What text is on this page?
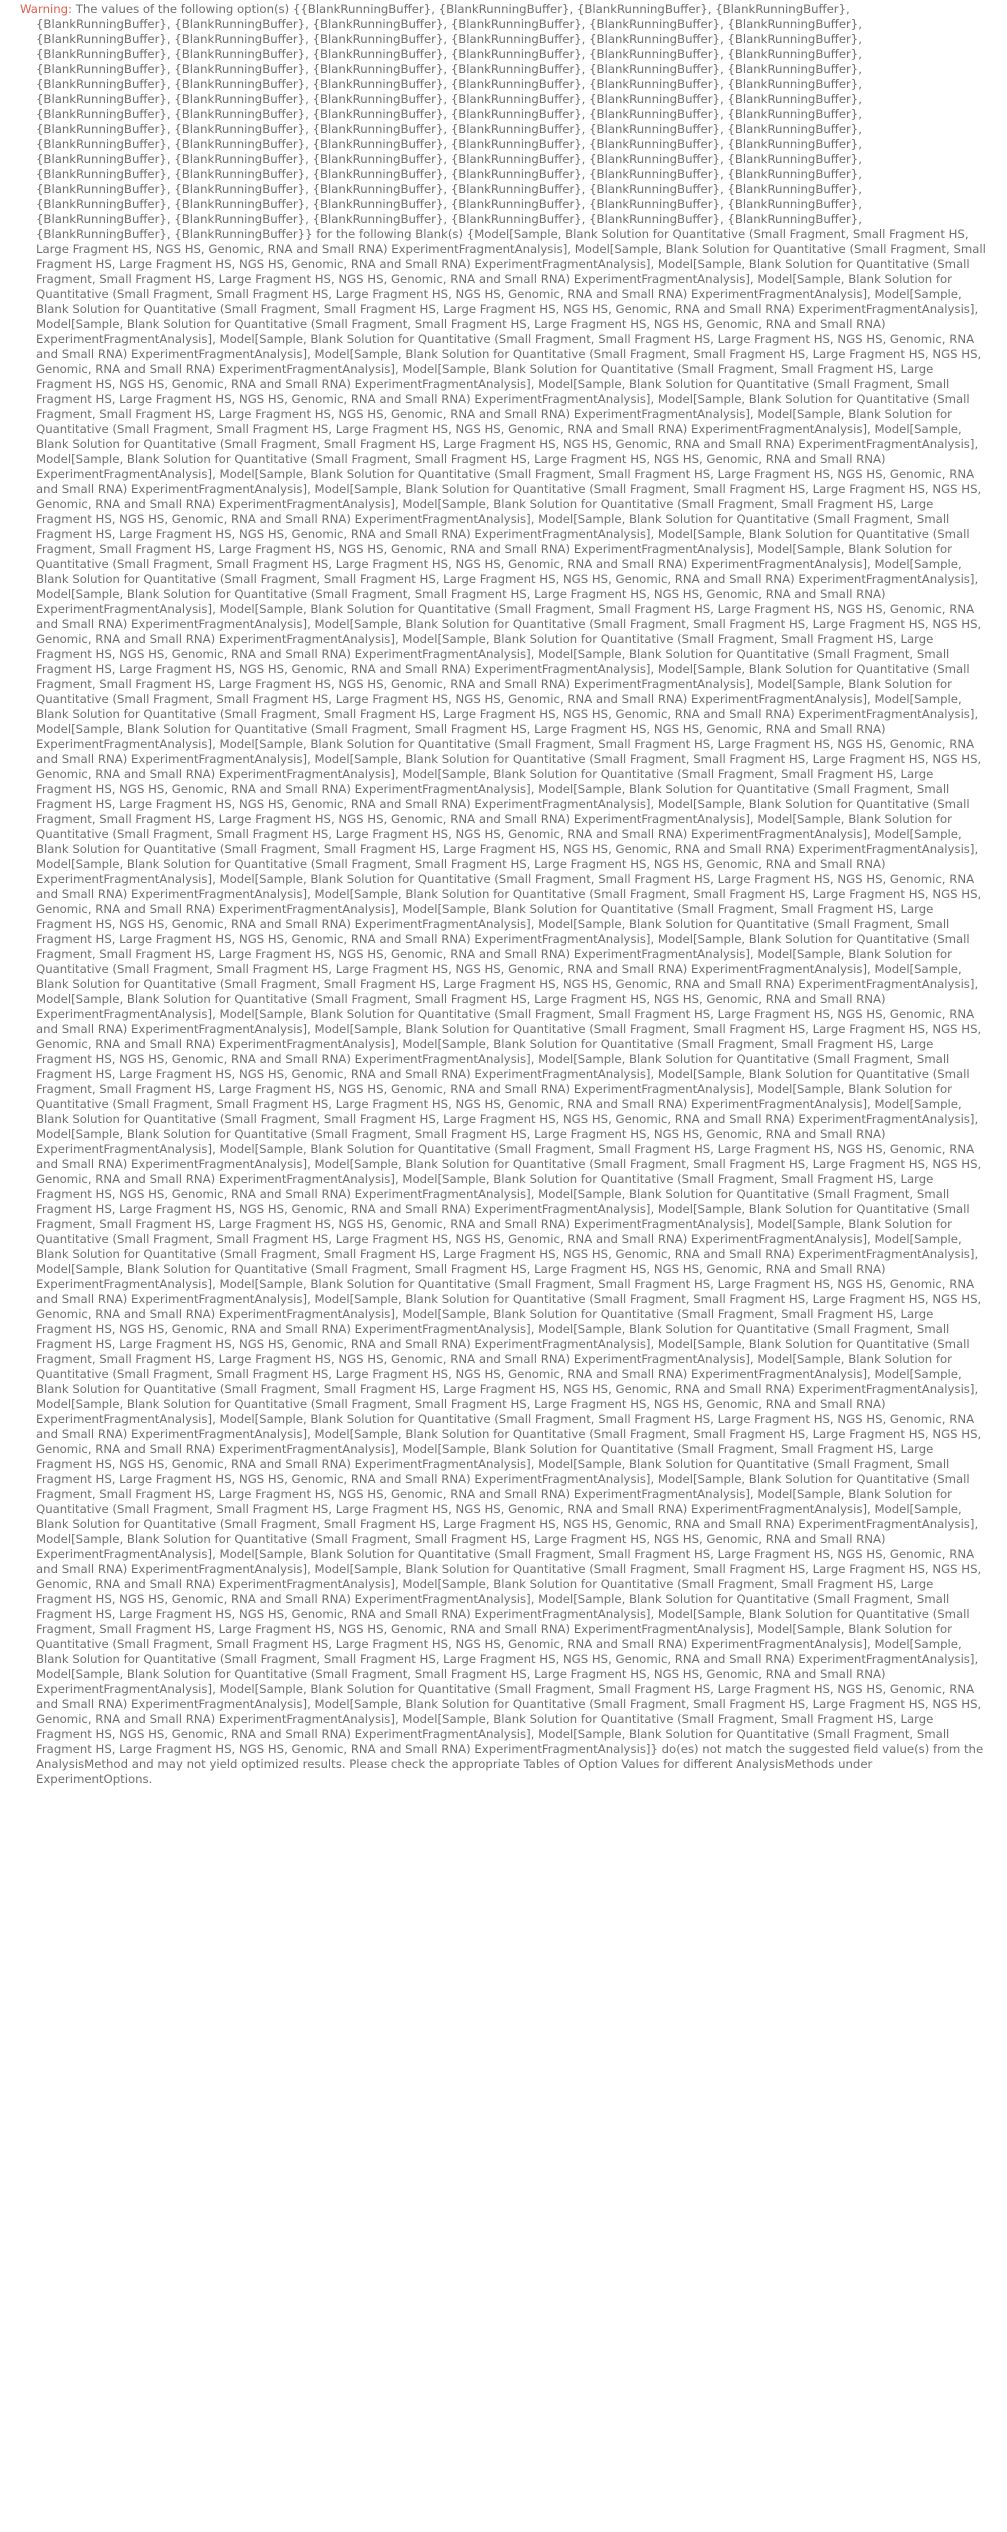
Warning: The values of the following option(s) {{BlankRunningBuffer}, {BlankRunningBuffer}, {BlankRunningBuffer}, {BlankRunningBuffer}, {BlankRunningBuffer}, {BlankRunningBuffer}, {BlankRunningBuffer}, {BlankRunningBuffer}, {BlankRunningBuffer}, {BlankRunningBuffer}, {BlankRunningBuffer}, {BlankRunningBuffer}, {BlankRunningBuffer}, {BlankRunningBuffer}, {BlankRunningBuffer}, {BlankRunningBuffer}, {BlankRunningBuffer}, {BlankRunningBuffer}, {BlankRunningBuffer}, {BlankRunningBuffer}, {BlankRunningBuffer}, {BlankRunningBuffer}, {BlankRunningBuffer}, {BlankRunningBuffer}, {BlankRunningBuffer}, {BlankRunningBuffer}, {BlankRunningBuffer}, {BlankRunningBuffer}, {BlankRunningBuffer}, {BlankRunningBuffer}, {BlankRunningBuffer}, {BlankRunningBuffer}, {BlankRunningBuffer}, {BlankRunningBuffer}, {BlankRunningBuffer}, {BlankRunningBuffer}, {BlankRunningBuffer}, {BlankRunningBuffer}, {BlankRunningBuffer}, {BlankRunningBuffer}, {BlankRunningBuffer}, {BlankRunningBuffer}, {BlankRunningBuffer}, {BlankRunningBuffer}, {BlankRunningBuffer}, {BlankRunningBuffer}, {BlankRunningBuffer}, {BlankRunningBuffer}, {BlankRunningBuffer}, {BlankRunningBuffer}, {BlankRunningBuffer}, {BlankRunningBuffer}, {BlankRunningBuffer}, {BlankRunningBuffer}, {BlankRunningBuffer}, {BlankRunningBuffer}, {BlankRunningBuffer}, {BlankRunningBuffer}, {BlankRunningBuffer}, {BlankRunningBuffer}, {BlankRunningBuffer}, {BlankRunningBuffer}, {BlankRunningBuffer}, {BlankRunningBuffer}, {BlankRunningBuffer}, {BlankRunningBuffer}, {BlankRunningBuffer}, {BlankRunningBuffer}, {BlankRunningBuffer}, {BlankRunningBuffer}, {BlankRunningBuffer}, {BlankRunningBuffer}, {BlankRunningBuffer}, {BlankRunningBuffer}, {BlankRunningBuffer}, {BlankRunningBuffer}, {BlankRunningBuffer}, {BlankRunningBuffer}, {BlankRunningBuffer}, {BlankRunningBuffer}, {BlankRunningBuffer}, {BlankRunningBuffer}, {BlankRunningBuffer}, {BlankRunningBuffer}, {BlankRunningBuffer}, {BlankRunningBuffer}, {BlankRunningBuffer}, {BlankRunningBuffer}, {BlankRunningBuffer}, {BlankRunningBuffer}} for the following Blank(s) {Model[Sample, Blank Solution for Quantitative (Small Fragment, Small Fragment HS, Large Fragment HS, NGS HS, Genomic, RNA and Small RNA) ExperimentFragmentAnalysis], Model[Sample, Blank Solution for Quantitative (Small Fragment, Small Fragment HS, Large Fragment HS, NGS HS, Genomic, RNA and Small RNA) ExperimentFragmentAnalysis], Model[Sample, Blank Solution for Quantitative (Small Fragment, Small Fragment HS, Large Fragment HS, NGS HS, Genomic, RNA and Small RNA) ExperimentFragmentAnalysis], Model[Sample, Blank Solution for Quantitative (Small Fragment, Small Fragment HS, Large Fragment HS, NGS HS, Genomic, RNA and Small RNA) ExperimentFragmentAnalysis], Model[Sample, Blank Solution for Quantitative (Small Fragment, Small Fragment HS, Large Fragment HS, NGS HS, Genomic, RNA and Small RNA) ExperimentFragmentAnalysis], Model[Sample, Blank Solution for Quantitative (Small Fragment, Small Fragment HS, Large Fragment HS, NGS HS, Genomic, RNA and Small RNA) ExperimentFragmentAnalysis], Model[Sample, Blank Solution for Quantitative (Small Fragment, Small Fragment HS, Large Fragment HS, NGS HS, Genomic, RNA and Small RNA) ExperimentFragmentAnalysis], Model[Sample, Blank Solution for Quantitative (Small Fragment, Small Fragment HS, Large Fragment HS, NGS HS, Genomic, RNA and Small RNA) ExperimentFragmentAnalysis], Model[Sample, Blank Solution for Quantitative (Small Fragment, Small Fragment HS, Large Fragment HS, NGS HS, Genomic, RNA and Small RNA) ExperimentFragmentAnalysis], Model[Sample, Blank Solution for Quantitative (Small Fragment, Small Fragment HS, Large Fragment HS, NGS HS, Genomic, RNA and Small RNA) ExperimentFragmentAnalysis], Model[Sample, Blank Solution for Quantitative (Small Fragment, Small Fragment HS, Large Fragment HS, NGS HS, Genomic, RNA and Small RNA) ExperimentFragmentAnalysis], Model[Sample, Blank Solution for Quantitative (Small Fragment, Small Fragment HS, Large Fragment HS, NGS HS, Genomic, RNA and Small RNA) ExperimentFragmentAnalysis], Model[Sample, Blank Solution for Quantitative (Small Fragment, Small Fragment HS, Large Fragment HS, NGS HS, Genomic, RNA and Small RNA) ExperimentFragmentAnalysis], Model[Sample, Blank Solution for Quantitative (Small Fragment, Small Fragment HS, Large Fragment HS, NGS HS, Genomic, RNA and Small RNA) ExperimentFragmentAnalysis], Model[Sample, Blank Solution for Quantitative (Small Fragment, Small Fragment HS, Large Fragment HS, NGS HS, Genomic, RNA and Small RNA) ExperimentFragmentAnalysis], Model[Sample, Blank Solution for Quantitative (Small Fragment, Small Fragment HS, Large Fragment HS, NGS HS, Genomic, RNA and Small RNA) ExperimentFragmentAnalysis], Model[Sample, Blank Solution for Quantitative (Small Fragment, Small Fragment HS, Large Fragment HS, NGS HS, Genomic, RNA and Small RNA) ExperimentFragmentAnalysis], Model[Sample, Blank Solution for Quantitative (Small Fragment, Small Fragment HS, Large Fragment HS, NGS HS, Genomic, RNA and Small RNA) ExperimentFragmentAnalysis], Model[Sample, Blank Solution for Quantitative (Small Fragment, Small Fragment HS, Large Fragment HS, NGS HS, Genomic, RNA and Small RNA) ExperimentFragmentAnalysis], Model[Sample, Blank Solution for Quantitative (Small Fragment, Small Fragment HS, Large Fragment HS, NGS HS, Genomic, RNA and Small RNA) ExperimentFragmentAnalysis], Model[Sample, Blank Solution for Quantitative (Small Fragment, Small Fragment HS, Large Fragment HS, NGS HS, Genomic, RNA and Small RNA) ExperimentFragmentAnalysis], Model[Sample, Blank Solution for Quantitative (Small Fragment, Small Fragment HS, Large Fragment HS, NGS HS, Genomic, RNA and Small RNA) ExperimentFragmentAnalysis], Model[Sample, Blank Solution for Quantitative (Small Fragment, Small Fragment HS, Large Fragment HS, NGS HS, Genomic, RNA and Small RNA) ExperimentFragmentAnalysis], Model[Sample, Blank Solution for Quantitative (Small Fragment, Small Fragment HS, Large Fragment HS, NGS HS, Genomic, RNA and Small RNA) ExperimentFragmentAnalysis], Model[Sample, Blank Solution for Quantitative (Small Fragment, Small Fragment HS, Large Fragment HS, NGS HS, Genomic, RNA and Small RNA) ExperimentFragmentAnalysis], Model[Sample, Blank Solution for Quantitative (Small Fragment, Small Fragment HS, Large Fragment HS, NGS HS, Genomic, RNA and Small RNA) ExperimentFragmentAnalysis], Model[Sample, Blank Solution for Quantitative (Small Fragment, Small Fragment HS, Large Fragment HS, NGS HS, Genomic, RNA and Small RNA) ExperimentFragmentAnalysis], Model[Sample, Blank Solution for Quantitative (Small Fragment, Small Fragment HS, Large Fragment HS, NGS HS, Genomic, RNA and Small RNA) ExperimentFragmentAnalysis], Model[Sample, Blank Solution for Quantitative (Small Fragment, Small Fragment HS, Large Fragment HS, NGS HS, Genomic, RNA and Small RNA) ExperimentFragmentAnalysis], Model[Sample, Blank Solution for Quantitative (Small Fragment, Small Fragment HS, Large Fragment HS, NGS HS, Genomic, RNA and Small RNA) ExperimentFragmentAnalysis], Model[Sample, Blank Solution for Quantitative (Small Fragment, Small Fragment HS, Large Fragment HS, NGS HS, Genomic, RNA and Small RNA) ExperimentFragmentAnalysis], Model[Sample, Blank Solution for Quantitative (Small Fragment, Small Fragment HS, Large Fragment HS, NGS HS, Genomic, RNA and Small RNA) ExperimentFragmentAnalysis], Model[Sample, Blank Solution for Quantitative (Small Fragment, Small Fragment HS, Large Fragment HS, NGS HS, Genomic, RNA and Small RNA) ExperimentFragmentAnalysis], Model[Sample, Blank Solution for Quantitative (Small Fragment, Small Fragment HS, Large Fragment HS, NGS HS, Genomic, RNA and Small RNA) ExperimentFragmentAnalysis], Model[Sample, Blank Solution for Quantitative (Small Fragment, Small Fragment HS, Large Fragment HS, NGS HS, Genomic, RNA and Small RNA) ExperimentFragmentAnalysis], Model[Sample, Blank Solution for Quantitative (Small Fragment, Small Fragment HS, Large Fragment HS, NGS HS, Genomic, RNA and Small RNA) ExperimentFragmentAnalysis], Model[Sample, Blank Solution for Quantitative (Small Fragment, Small Fragment HS, Large Fragment HS, NGS HS, Genomic, RNA and Small RNA) ExperimentFragmentAnalysis], Model[Sample, Blank Solution for Quantitative (Small Fragment, Small Fragment HS, Large Fragment HS, NGS HS, Genomic, RNA and Small RNA) ExperimentFragmentAnalysis], Model[Sample, Blank Solution for Quantitative (Small Fragment, Small Fragment HS, Large Fragment HS, NGS HS, Genomic, RNA and Small RNA) ExperimentFragmentAnalysis], Model[Sample, Blank Solution for Quantitative (Small Fragment, Small Fragment HS, Large Fragment HS, NGS HS, Genomic, RNA and Small RNA) ExperimentFragmentAnalysis], Model[Sample, Blank Solution for Quantitative (Small Fragment, Small Fragment HS, Large Fragment HS, NGS HS, Genomic, RNA and Small RNA) ExperimentFragmentAnalysis], Model[Sample, Blank Solution for Quantitative (Small Fragment, Small Fragment HS, Large Fragment HS, NGS HS, Genomic, RNA and Small RNA) ExperimentFragmentAnalysis], Model[Sample, Blank Solution for Quantitative (Small Fragment, Small Fragment HS, Large Fragment HS, NGS HS, Genomic, RNA and Small RNA) ExperimentFragmentAnalysis], Model[Sample, Blank Solution for Quantitative (Small Fragment, Small Fragment HS, Large Fragment HS, NGS HS, Genomic, RNA and Small RNA) ExperimentFragmentAnalysis], Model[Sample, Blank Solution for Quantitative (Small Fragment, Small Fragment HS, Large Fragment HS, NGS HS, Genomic, RNA and Small RNA) ExperimentFragmentAnalysis], Model[Sample, Blank Solution for Quantitative (Small Fragment, Small Fragment HS, Large Fragment HS, NGS HS, Genomic, RNA and Small RNA) ExperimentFragmentAnalysis], Model[Sample, Blank Solution for Quantitative (Small Fragment, Small Fragment HS, Large Fragment HS, NGS HS, Genomic, RNA and Small RNA) ExperimentFragmentAnalysis], Model[Sample, Blank Solution for Quantitative (Small Fragment, Small Fragment HS, Large Fragment HS, NGS HS, Genomic, RNA and Small RNA) ExperimentFragmentAnalysis], Model[Sample, Blank Solution for Quantitative (Small Fragment, Small Fragment HS, Large Fragment HS, NGS HS, Genomic, RNA and Small RNA) ExperimentFragmentAnalysis], Model[Sample, Blank Solution for Quantitative (Small Fragment, Small Fragment HS, Large Fragment HS, NGS HS, Genomic, RNA and Small RNA) ExperimentFragmentAnalysis], Model[Sample, Blank Solution for Quantitative (Small Fragment, Small Fragment HS, Large Fragment HS, NGS HS, Genomic, RNA and Small RNA) ExperimentFragmentAnalysis], Model[Sample, Blank Solution for Quantitative (Small Fragment, Small Fragment HS, Large Fragment HS, NGS HS, Genomic, RNA and Small RNA) ExperimentFragmentAnalysis], Model[Sample, Blank Solution for Quantitative (Small Fragment, Small Fragment HS, Large Fragment HS, NGS HS, Genomic, RNA and Small RNA) ExperimentFragmentAnalysis], Model[Sample, Blank Solution for Quantitative (Small Fragment, Small Fragment HS, Large Fragment HS, NGS HS, Genomic, RNA and Small RNA) ExperimentFragmentAnalysis], Model[Sample, Blank Solution for Quantitative (Small Fragment, Small Fragment HS, Large Fragment HS, NGS HS, Genomic, RNA and Small RNA) ExperimentFragmentAnalysis], Model[Sample, Blank Solution for Quantitative (Small Fragment, Small Fragment HS, Large Fragment HS, NGS HS, Genomic, RNA and Small RNA) ExperimentFragmentAnalysis], Model[Sample, Blank Solution for Quantitative (Small Fragment, Small Fragment HS, Large Fragment HS, NGS HS, Genomic, RNA and Small RNA) ExperimentFragmentAnalysis], Model[Sample, Blank Solution for Quantitative (Small Fragment, Small Fragment HS, Large Fragment HS, NGS HS, Genomic, RNA and Small RNA) ExperimentFragmentAnalysis], Model[Sample, Blank Solution for Quantitative (Small Fragment, Small Fragment HS, Large Fragment HS, NGS HS, Genomic, RNA and Small RNA) ExperimentFragmentAnalysis], Model[Sample, Blank Solution for Quantitative (Small Fragment, Small Fragment HS, Large Fragment HS, NGS HS, Genomic, RNA and Small RNA) ExperimentFragmentAnalysis], Model[Sample, Blank Solution for Quantitative (Small Fragment, Small Fragment HS, Large Fragment HS, NGS HS, Genomic, RNA and Small RNA) ExperimentFragmentAnalysis], Model[Sample, Blank Solution for Quantitative (Small Fragment, Small Fragment HS, Large Fragment HS, NGS HS, Genomic, RNA and Small RNA) ExperimentFragmentAnalysis], Model[Sample, Blank Solution for Quantitative (Small Fragment, Small Fragment HS, Large Fragment HS, NGS HS, Genomic, RNA and Small RNA) ExperimentFragmentAnalysis], Model[Sample, Blank Solution for Quantitative (Small Fragment, Small Fragment HS, Large Fragment HS, NGS HS, Genomic, RNA and Small RNA) ExperimentFragmentAnalysis], Model[Sample, Blank Solution for Quantitative (Small Fragment, Small Fragment HS, Large Fragment HS, NGS HS, Genomic, RNA and Small RNA) ExperimentFragmentAnalysis], Model[Sample, Blank Solution for Quantitative (Small Fragment, Small Fragment HS, Large Fragment HS, NGS HS, Genomic, RNA and Small RNA) ExperimentFragmentAnalysis], Model[Sample, Blank Solution for Quantitative (Small Fragment, Small Fragment HS, Large Fragment HS, NGS HS, Genomic, RNA and Small RNA) ExperimentFragmentAnalysis], Model[Sample, Blank Solution for Quantitative (Small Fragment, Small Fragment HS, Large Fragment HS, NGS HS, Genomic, RNA and Small RNA) ExperimentFragmentAnalysis], Model[Sample, Blank Solution for Quantitative (Small Fragment, Small Fragment HS, Large Fragment HS, NGS HS, Genomic, RNA and Small RNA) ExperimentFragmentAnalysis], Model[Sample, Blank Solution for Quantitative (Small Fragment, Small Fragment HS, Large Fragment HS, NGS HS, Genomic, RNA and Small RNA) ExperimentFragmentAnalysis], Model[Sample, Blank Solution for Quantitative (Small Fragment, Small Fragment HS, Large Fragment HS, NGS HS, Genomic, RNA and Small RNA) ExperimentFragmentAnalysis], Model[Sample, Blank Solution for Quantitative (Small Fragment, Small Fragment HS, Large Fragment HS, NGS HS, Genomic, RNA and Small RNA) ExperimentFragmentAnalysis], Model[Sample, Blank Solution for Quantitative (Small Fragment, Small Fragment HS, Large Fragment HS, NGS HS, Genomic, RNA and Small RNA) ExperimentFragmentAnalysis], Model[Sample, Blank Solution for Quantitative (Small Fragment, Small Fragment HS, Large Fragment HS, NGS HS, Genomic, RNA and Small RNA) ExperimentFragmentAnalysis], Model[Sample, Blank Solution for Quantitative (Small Fragment, Small Fragment HS, Large Fragment HS, NGS HS, Genomic, RNA and Small RNA) ExperimentFragmentAnalysis], Model[Sample, Blank Solution for Quantitative (Small Fragment, Small Fragment HS, Large Fragment HS, NGS HS, Genomic, RNA and Small RNA) ExperimentFragmentAnalysis], Model[Sample, Blank Solution for Quantitative (Small Fragment, Small Fragment HS, Large Fragment HS, NGS HS, Genomic, RNA and Small RNA) ExperimentFragmentAnalysis], Model[Sample, Blank Solution for Quantitative (Small Fragment, Small Fragment HS, Large Fragment HS, NGS HS, Genomic, RNA and Small RNA) ExperimentFragmentAnalysis], Model[Sample, Blank Solution for Quantitative (Small Fragment, Small Fragment HS, Large Fragment HS, NGS HS, Genomic, RNA and Small RNA) ExperimentFragmentAnalysis], Model[Sample, Blank Solution for Quantitative (Small Fragment, Small Fragment HS, Large Fragment HS, NGS HS, Genomic, RNA and Small RNA) ExperimentFragmentAnalysis], Model[Sample, Blank Solution for Quantitative (Small Fragment, Small Fragment HS, Large Fragment HS, NGS HS, Genomic, RNA and Small RNA) ExperimentFragmentAnalysis], Model[Sample, Blank Solution for Quantitative (Small Fragment, Small Fragment HS, Large Fragment HS, NGS HS, Genomic, RNA and Small RNA) ExperimentFragmentAnalysis], Model[Sample, Blank Solution for Quantitative (Small Fragment, Small Fragment HS, Large Fragment HS, NGS HS, Genomic, RNA and Small RNA) ExperimentFragmentAnalysis], Model[Sample, Blank Solution for Quantitative (Small Fragment, Small Fragment HS, Large Fragment HS, NGS HS, Genomic, RNA and Small RNA) ExperimentFragmentAnalysis], Model[Sample, Blank Solution for Quantitative (Small Fragment, Small Fragment HS, Large Fragment HS, NGS HS, Genomic, RNA and Small RNA) ExperimentFragmentAnalysis], Model[Sample, Blank Solution for Quantitative (Small Fragment, Small Fragment HS, Large Fragment HS, NGS HS, Genomic, RNA and Small RNA) ExperimentFragmentAnalysis], Model[Sample, Blank Solution for Quantitative (Small Fragment, Small Fragment HS, Large Fragment HS, NGS HS, Genomic, RNA and Small RNA) ExperimentFragmentAnalysis], Model[Sample, Blank Solution for Quantitative (Small Fragment, Small Fragment HS, Large Fragment HS, NGS HS, Genomic, RNA and Small RNA) ExperimentFragmentAnalysis], Model[Sample, Blank Solution for Quantitative (Small Fragment, Small Fragment HS, Large Fragment HS, NGS HS, Genomic, RNA and Small RNA) ExperimentFragmentAnalysis], Model[Sample, Blank Solution for Quantitative (Small Fragment, Small Fragment HS, Large Fragment HS, NGS HS, Genomic, RNA and Small RNA) ExperimentFragmentAnalysis]} do(es) not match the suggested field value(s) from the AnalysisMethod and may not yield optimized results. Please check the appropriate Tables of Option Values for different AnalysisMethods under ExperimentOptions.
